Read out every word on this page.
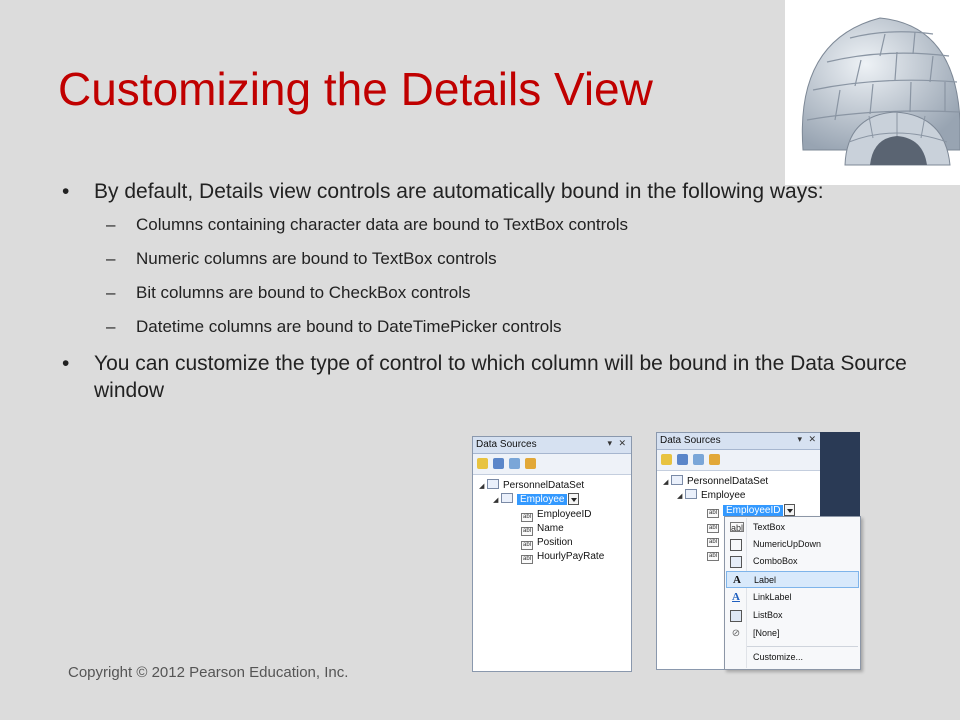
Customizing the Details View
• By default, Details view controls are automatically bound in the following ways:
– Columns containing character data are bound to TextBox controls
– Numeric columns are bound to TextBox controls
– Bit columns are bound to CheckBox controls
– Datetime columns are bound to DateTimePicker controls
• You can customize the type of control to which column will be bound in the Data Source window
Data Sources	▾ ✕
◢ PersonnelDataSet
◢ Employee
abl EmployeeID
abl Name
abl Position
abl HourlyPayRate
Data Sources	▾ ✕
◢ PersonnelDataSet
◢ Employee
abl EmployeeID
abl
abl
abl
abl TextBox
NumericUpDown
ComboBox
A Label
A LinkLabel
ListBox
⊘ [None]
Customize...
Copyright © 2012 Pearson Education, Inc.
